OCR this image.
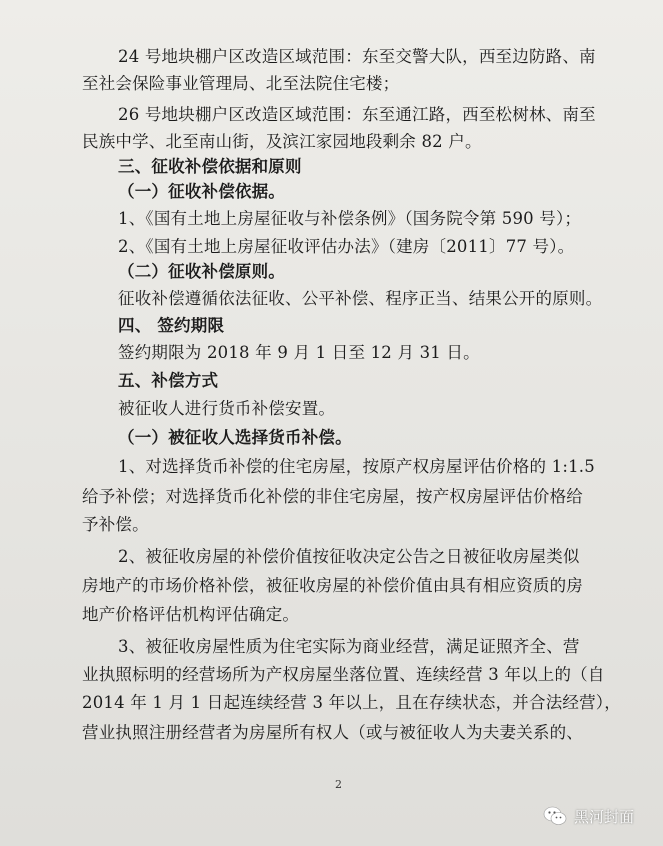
24 号地块棚户区改造区域范围：东至交警大队，西至边防路、南
至社会保险事业管理局、北至法院住宅楼；
26 号地块棚户区改造区域范围：东至通江路，西至松树林、南至
民族中学、北至南山街，及滨江家园地段剩余 82 户。
三、征收补偿依据和原则
（一）征收补偿依据。
1、《国有土地上房屋征收与补偿条例》（国务院令第 590 号）；
2、《国有土地上房屋征收评估办法》（建房〔2011〕77 号）。
（二）征收补偿原则。
征收补偿遵循依法征收、公平补偿、程序正当、结果公开的原则。
四、 签约期限
签约期限为 2018 年 9 月 1 日至 12 月 31 日。
五、补偿方式
被征收人进行货币补偿安置。
（一）被征收人选择货币补偿。
1、对选择货币补偿的住宅房屋，按原产权房屋评估价格的 1:1.5
给予补偿；对选择货币化补偿的非住宅房屋，按产权房屋评估价格给
予补偿。
2、被征收房屋的补偿价值按征收决定公告之日被征收房屋类似
房地产的市场价格补偿，被征收房屋的补偿价值由具有相应资质的房
地产价格评估机构评估确定。
3、被征收房屋性质为住宅实际为商业经营，满足证照齐全、营
业执照标明的经营场所为产权房屋坐落位置、连续经营 3 年以上的（自
2014 年 1 月 1 日起连续经营 3 年以上，且在存续状态，并合法经营），
营业执照注册经营者为房屋所有权人（或与被征收人为夫妻关系的、
2
黑河封面
